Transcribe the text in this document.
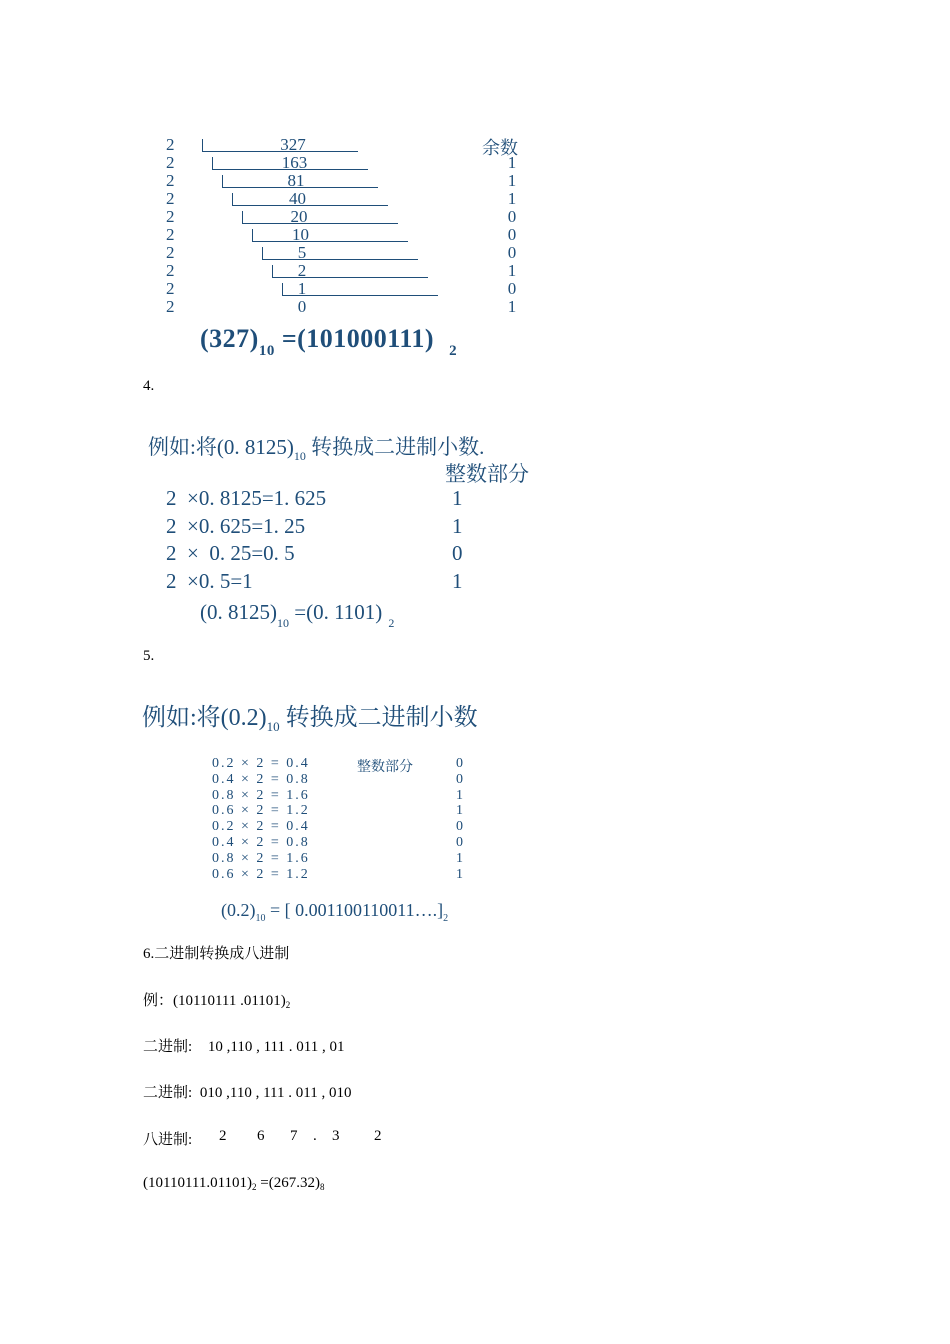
余数
2	327
2	163	1
2	81	1
2	40	1
2	20	0
2	10	0
2	5	0
2	2	1
2	1	0
2	0	1
$(327)_{10} =(101000111)$ $_2$
4.
例如:将(0. $8125)_{10}$ 转换成二进制小数.
整数部分
2  ×0. 8125=1. 625	1
2  ×0. 625=1. 25	1
2  ×  0. 25=0. 5	0
2  ×0. 5=1	1
(0. $8125)_{10} =(0$. 1101) $_2$
5.
例如:将$(0.2)_{10}$ 转换成二进制小数
整数部分
0.2 × 2 = 0.4	0
0.4 × 2 = 0.8	0
0.8 × 2 = 1.6	1
0.6 × 2 = 1.2	1
0.2 × 2 = 0.4	0
0.4 × 2 = 0.8	0
0.8 × 2 = 1.6	1
0.6 × 2 = 1.2	1
$(0.2)_{10}$ = [ $0.001100110011\dots.]_2$
6.二进制转换成八进制
例：(10110111 $.01101)_2$
二进制: 10 ,110 , 111 . 011 , 01
二进制: 010 ,110 , 111 . 011 , 010
八进制: 2 6 7 . 3 2
$(10110111.01101)_2 =(267.32)_8$
